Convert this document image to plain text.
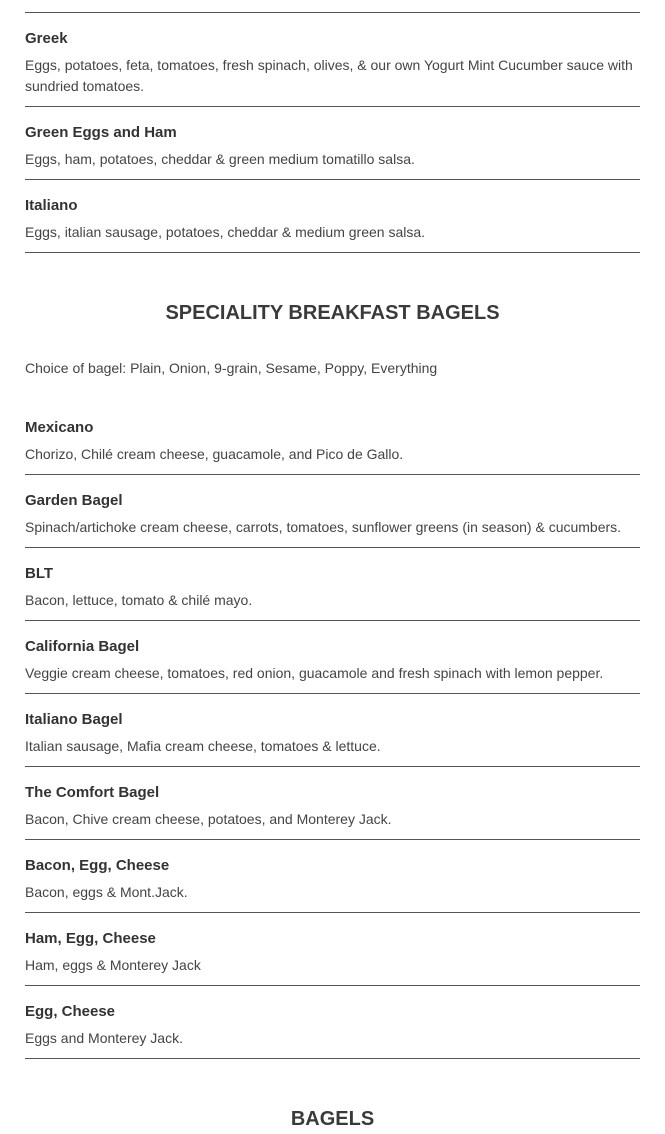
Greek

Eggs, potatoes, feta, tomatoes, fresh spinach, olives, & our own Yogurt Mint Cucumber sauce with sundried tomatoes.

Green Eggs and Ham

Eggs, ham, potatoes, cheddar & green medium tomatillo salsa.

Italiano

Eggs, italian sausage, potatoes, cheddar & medium green salsa.

SPECIALITY BREAKFAST BAGELS

Choice of bagel: Plain, Onion, 9-grain, Sesame, Poppy, Everything

Mexicano

Chorizo, Chilé cream cheese, guacamole, and Pico de Gallo.

Garden Bagel

Spinach/artichoke cream cheese, carrots, tomatoes, sunflower greens (in season) & cucumbers.

BLT

Bacon, lettuce, tomato & chilé mayo.

California Bagel

Veggie cream cheese, tomatoes, red onion, guacamole and fresh spinach with lemon pepper.

Italiano Bagel

Italian sausage, Mafia cream cheese, tomatoes & lettuce.

The Comfort Bagel

Bacon, Chive cream cheese, potatoes, and Monterey Jack.

Bacon, Egg, Cheese

Bacon, eggs & Mont.Jack.

Ham, Egg, Cheese

Ham, eggs & Monterey Jack

Egg, Cheese

Eggs and Monterey Jack.

BAGELS
